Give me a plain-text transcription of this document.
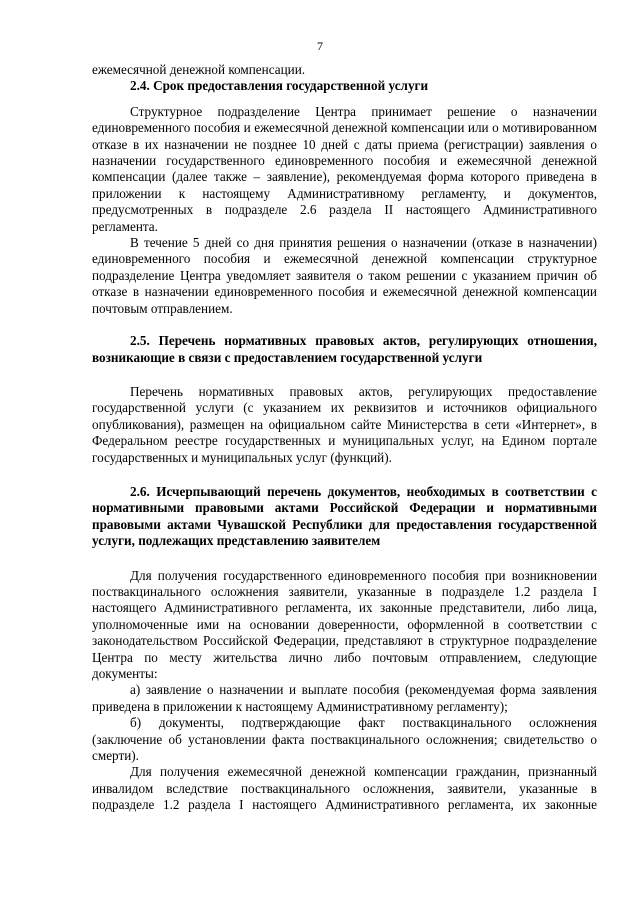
7

ежемесячной денежной компенсации.

2.4. Срок предоставления государственной услуги

Структурное подразделение Центра принимает решение о назначении единовременного пособия и ежемесячной денежной компенсации или о мотивированном отказе в их назначении не позднее 10 дней с даты приема (регистрации) заявления о назначении государственного единовременного пособия и ежемесячной денежной компенсации (далее также – заявление), рекомендуемая форма которого приведена в приложении к настоящему Административному регламенту, и документов, предусмотренных в подразделе 2.6 раздела II настоящего Административного регламента.

В течение 5 дней со дня принятия решения о назначении (отказе в назначении) единовременного пособия и ежемесячной денежной компенсации структурное подразделение Центра уведомляет заявителя о таком решении с указанием причин об отказе в назначении единовременного пособия и ежемесячной денежной компенсации почтовым отправлением.

2.5. Перечень нормативных правовых актов, регулирующих отношения, возникающие в связи с предоставлением государственной услуги

Перечень нормативных правовых актов, регулирующих предоставление государственной услуги (с указанием их реквизитов и источников официального опубликования), размещен на официальном сайте Министерства в сети «Интернет», в Федеральном реестре государственных и муниципальных услуг, на Едином портале государственных и муниципальных услуг (функций).

2.6. Исчерпывающий перечень документов, необходимых в соответствии с нормативными правовыми актами Российской Федерации и нормативными правовыми актами Чувашской Республики для предоставления государственной услуги, подлежащих представлению заявителем

Для получения государственного единовременного пособия при возникновении поствакцинального осложнения заявители, указанные в подразделе 1.2 раздела I настоящего Административного регламента, их законные представители, либо лица, уполномоченные ими на основании доверенности, оформленной в соответствии с законодательством Российской Федерации, представляют в структурное подразделение Центра по месту жительства лично либо почтовым отправлением, следующие документы:

а) заявление о назначении и выплате пособия (рекомендуемая форма заявления приведена в приложении к настоящему Административному регламенту);

б) документы, подтверждающие факт поствакцинального осложнения (заключение об установлении факта поствакцинального осложнения; свидетельство о смерти).

Для получения ежемесячной денежной компенсации гражданин, признанный инвалидом вследствие поствакцинального осложнения, заявители, указанные в подразделе 1.2 раздела I настоящего Административного регламента, их законные
